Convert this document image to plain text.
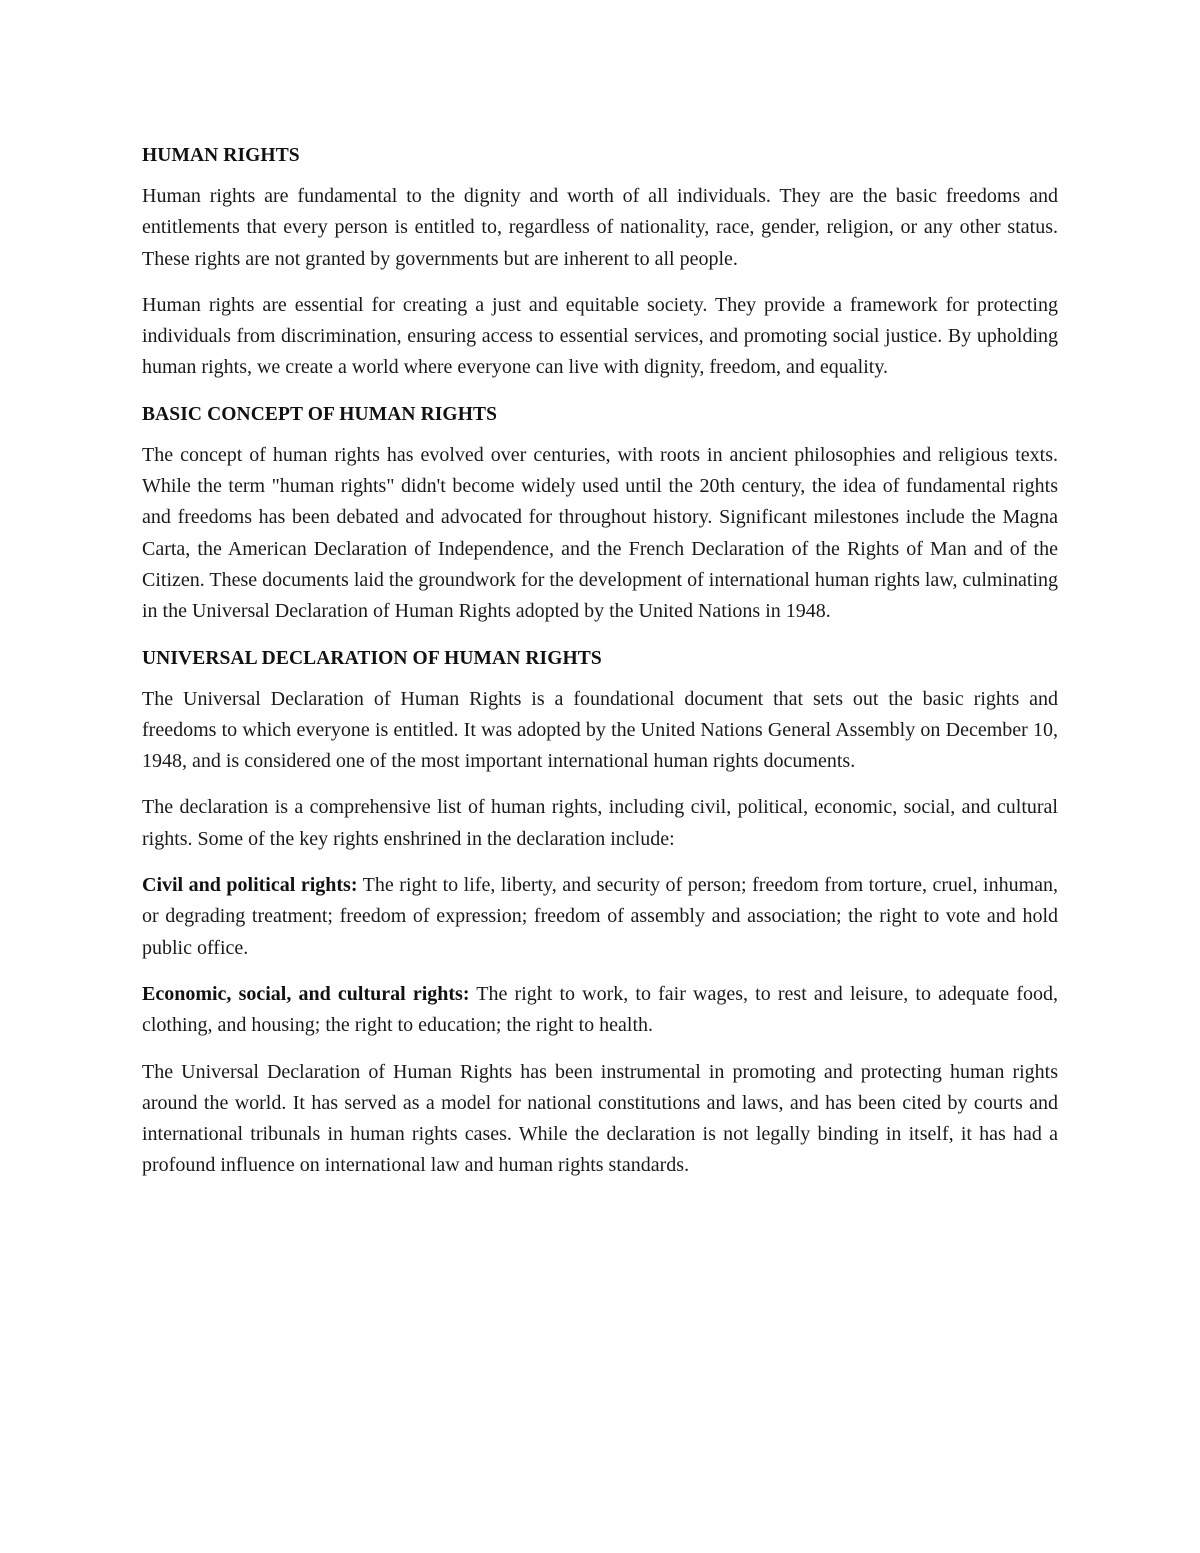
HUMAN RIGHTS

Human rights are fundamental to the dignity and worth of all individuals. They are the basic freedoms and entitlements that every person is entitled to, regardless of nationality, race, gender, religion, or any other status. These rights are not granted by governments but are inherent to all people.

Human rights are essential for creating a just and equitable society. They provide a framework for protecting individuals from discrimination, ensuring access to essential services, and promoting social justice. By upholding human rights, we create a world where everyone can live with dignity, freedom, and equality.

BASIC CONCEPT OF HUMAN RIGHTS

The concept of human rights has evolved over centuries, with roots in ancient philosophies and religious texts. While the term "human rights" didn't become widely used until the 20th century, the idea of fundamental rights and freedoms has been debated and advocated for throughout history. Significant milestones include the Magna Carta, the American Declaration of Independence, and the French Declaration of the Rights of Man and of the Citizen. These documents laid the groundwork for the development of international human rights law, culminating in the Universal Declaration of Human Rights adopted by the United Nations in 1948.

UNIVERSAL DECLARATION OF HUMAN RIGHTS

The Universal Declaration of Human Rights is a foundational document that sets out the basic rights and freedoms to which everyone is entitled. It was adopted by the United Nations General Assembly on December 10, 1948, and is considered one of the most important international human rights documents.

The declaration is a comprehensive list of human rights, including civil, political, economic, social, and cultural rights. Some of the key rights enshrined in the declaration include:

Civil and political rights: The right to life, liberty, and security of person; freedom from torture, cruel, inhuman, or degrading treatment; freedom of expression; freedom of assembly and association; the right to vote and hold public office.

Economic, social, and cultural rights: The right to work, to fair wages, to rest and leisure, to adequate food, clothing, and housing; the right to education; the right to health.

The Universal Declaration of Human Rights has been instrumental in promoting and protecting human rights around the world. It has served as a model for national constitutions and laws, and has been cited by courts and international tribunals in human rights cases. While the declaration is not legally binding in itself, it has had a profound influence on international law and human rights standards.
